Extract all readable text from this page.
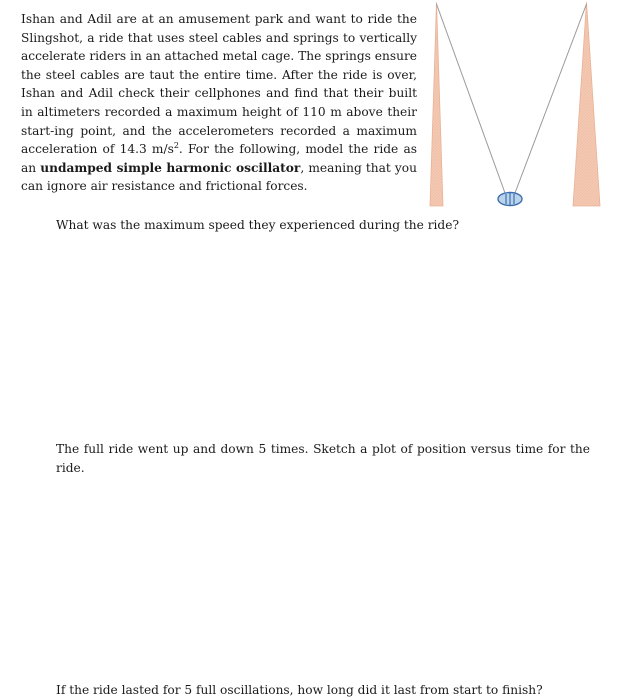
Ishan and Adil are at an amusement park and want to ride the Slingshot, a ride that uses steel cables and springs to vertically accelerate riders in an attached metal cage. The springs ensure the steel cables are taut the entire time. After the ride is over, Ishan and Adil check their cellphones and find that their built in altimeters recorded a maximum height of 110 m above their start-ing point, and the accelerometers recorded a maximum acceleration of 14.3 $m/s^2$. For the following, model the ride as an undamped simple harmonic oscillator, meaning that you can ignore air resistance and frictional forces.
What was the maximum speed they experienced during the ride?
The full ride went up and down 5 times. Sketch a plot of position versus time for the ride.
If the ride lasted for 5 full oscillations, how long did it last from start to finish?
